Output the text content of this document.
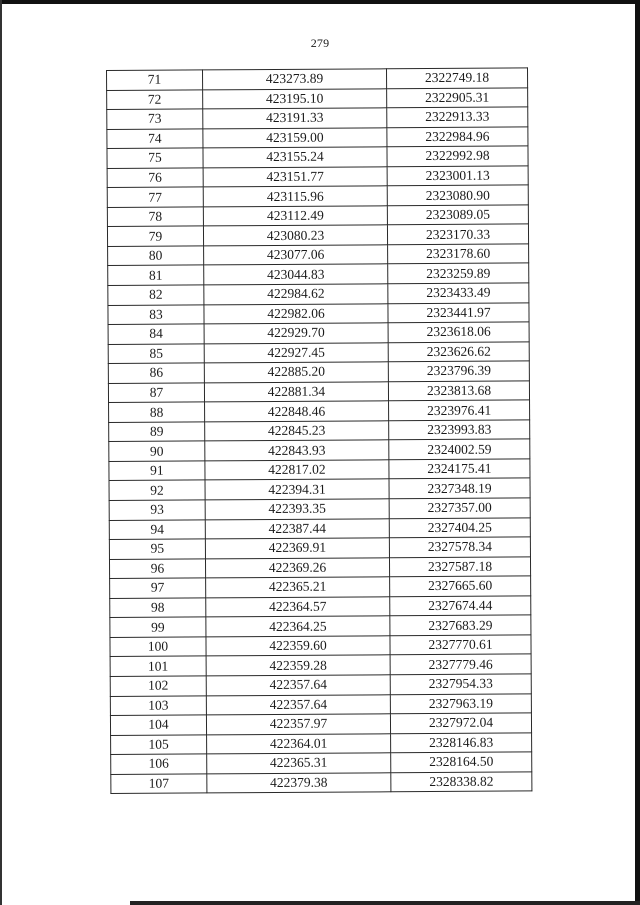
279
71	423273.89	2322749.18
72	423195.10	2322905.31
73	423191.33	2322913.33
74	423159.00	2322984.96
75	423155.24	2322992.98
76	423151.77	2323001.13
77	423115.96	2323080.90
78	423112.49	2323089.05
79	423080.23	2323170.33
80	423077.06	2323178.60
81	423044.83	2323259.89
82	422984.62	2323433.49
83	422982.06	2323441.97
84	422929.70	2323618.06
85	422927.45	2323626.62
86	422885.20	2323796.39
87	422881.34	2323813.68
88	422848.46	2323976.41
89	422845.23	2323993.83
90	422843.93	2324002.59
91	422817.02	2324175.41
92	422394.31	2327348.19
93	422393.35	2327357.00
94	422387.44	2327404.25
95	422369.91	2327578.34
96	422369.26	2327587.18
97	422365.21	2327665.60
98	422364.57	2327674.44
99	422364.25	2327683.29
100	422359.60	2327770.61
101	422359.28	2327779.46
102	422357.64	2327954.33
103	422357.64	2327963.19
104	422357.97	2327972.04
105	422364.01	2328146.83
106	422365.31	2328164.50
107	422379.38	2328338.82
